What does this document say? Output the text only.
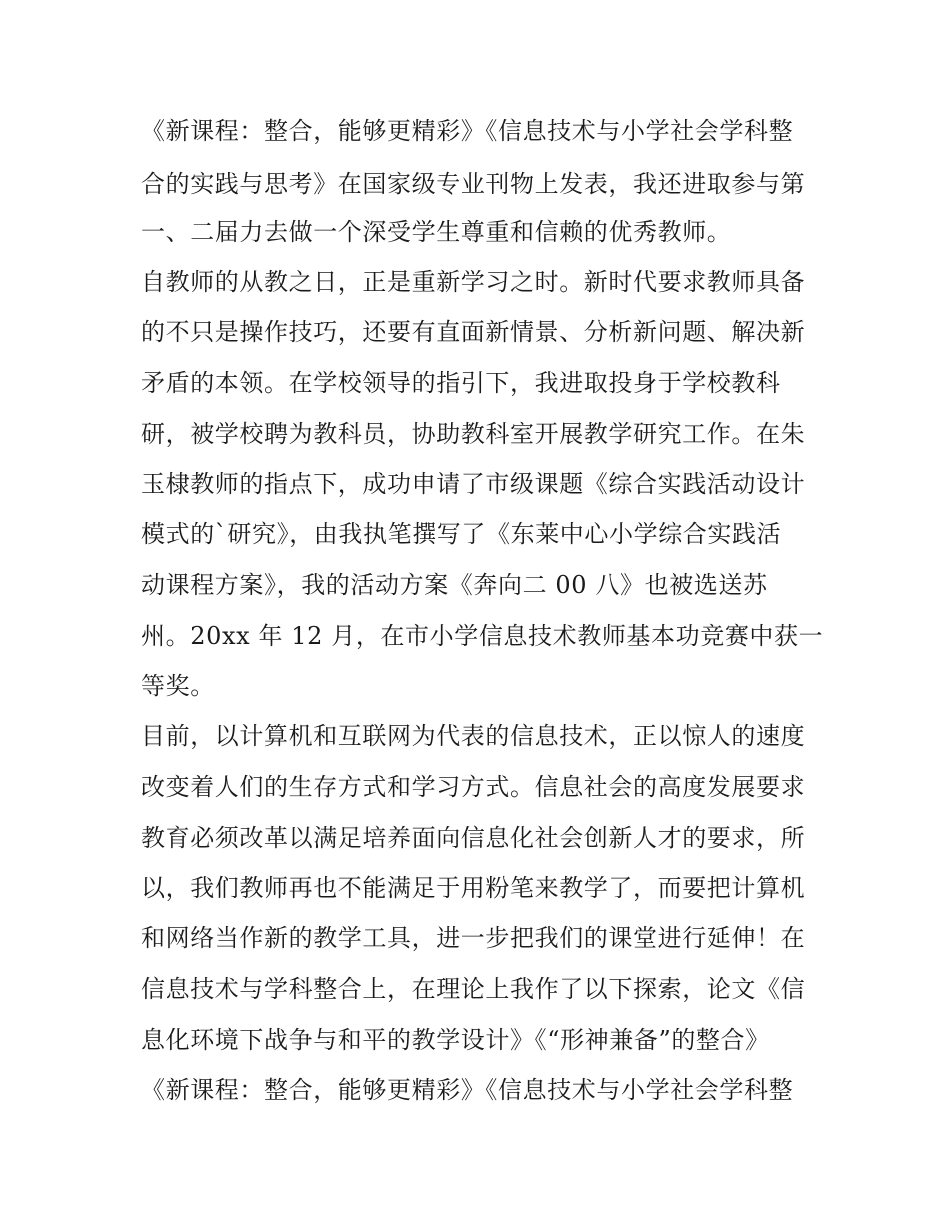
《新课程：整合，能够更精彩》《信息技术与小学社会学科整
合的实践与思考》在国家级专业刊物上发表，我还进取参与第
一、二届力去做一个深受学生尊重和信赖的优秀教师。
自教师的从教之日，正是重新学习之时。新时代要求教师具备
的不只是操作技巧，还要有直面新情景、分析新问题、解决新
矛盾的本领。在学校领导的指引下，我进取投身于学校教科
研，被学校聘为教科员，协助教科室开展教学研究工作。在朱
玉棣教师的指点下，成功申请了市级课题《综合实践活动设计
模式的`研究》，由我执笔撰写了《东莱中心小学综合实践活
动课程方案》，我的活动方案《奔向二 00 八》也被选送苏
州。20xx 年 12 月，在市小学信息技术教师基本功竞赛中获一
等奖。
目前，以计算机和互联网为代表的信息技术，正以惊人的速度
改变着人们的生存方式和学习方式。信息社会的高度发展要求
教育必须改革以满足培养面向信息化社会创新人才的要求，所
以，我们教师再也不能满足于用粉笔来教学了，而要把计算机
和网络当作新的教学工具，进一步把我们的课堂进行延伸！在
信息技术与学科整合上，在理论上我作了以下探索，论文《信
息化环境下战争与和平的教学设计》《“形神兼备”的整合》
《新课程：整合，能够更精彩》《信息技术与小学社会学科整
